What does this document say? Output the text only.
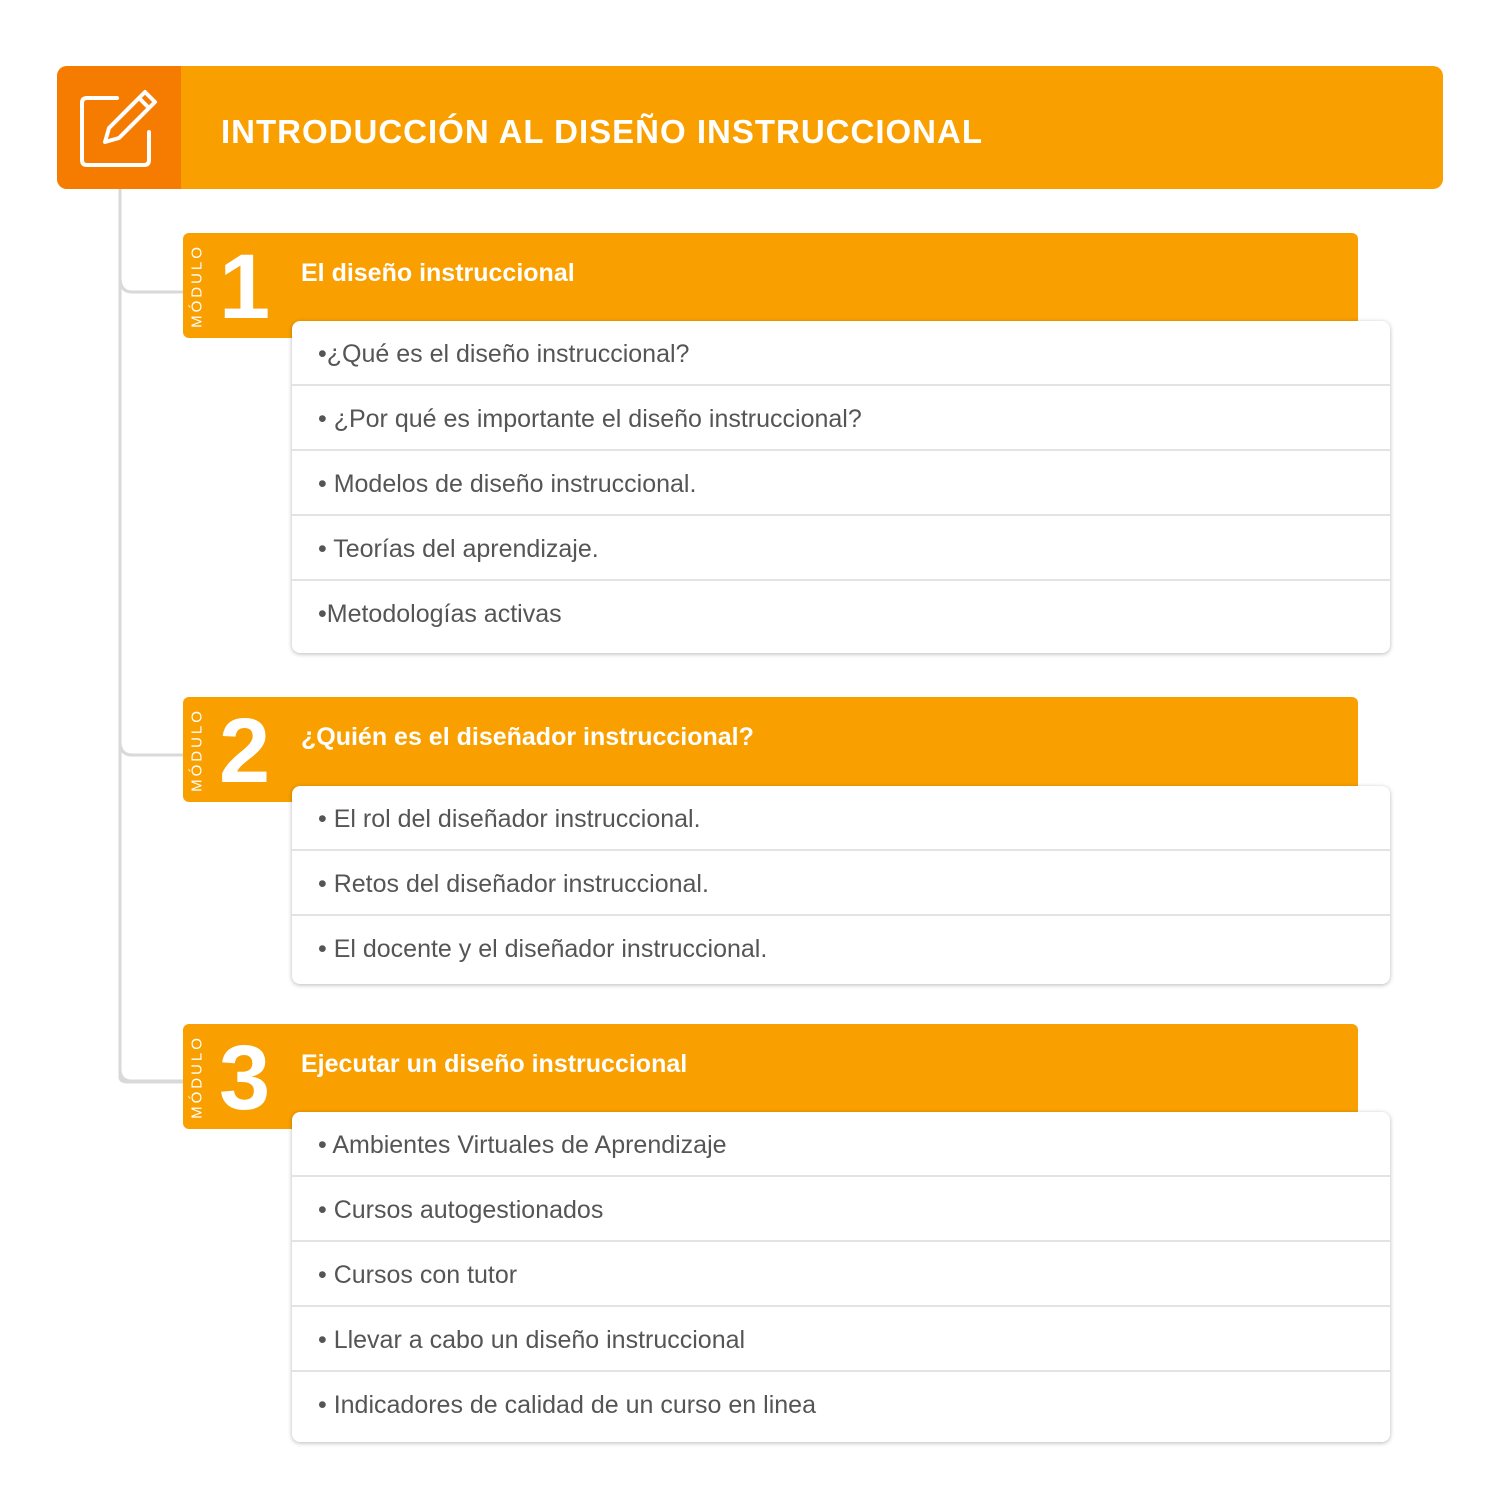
INTRODUCCIÓN AL DISEÑO INSTRUCCIONAL
MÓDULO 1 El diseño instruccional
•¿Qué es el diseño instruccional?
• ¿Por qué es importante el diseño instruccional?
• Modelos de diseño instruccional.
• Teorías del aprendizaje.
•Metodologías activas
MÓDULO 2 ¿Quién es el diseñador instruccional?
• El rol del diseñador instruccional.
• Retos del diseñador instruccional.
• El docente y el diseñador instruccional.
MÓDULO 3 Ejecutar un diseño instruccional
• Ambientes Virtuales de Aprendizaje
• Cursos autogestionados
• Cursos con tutor
• Llevar a cabo un diseño instruccional
• Indicadores de calidad de un curso en linea
